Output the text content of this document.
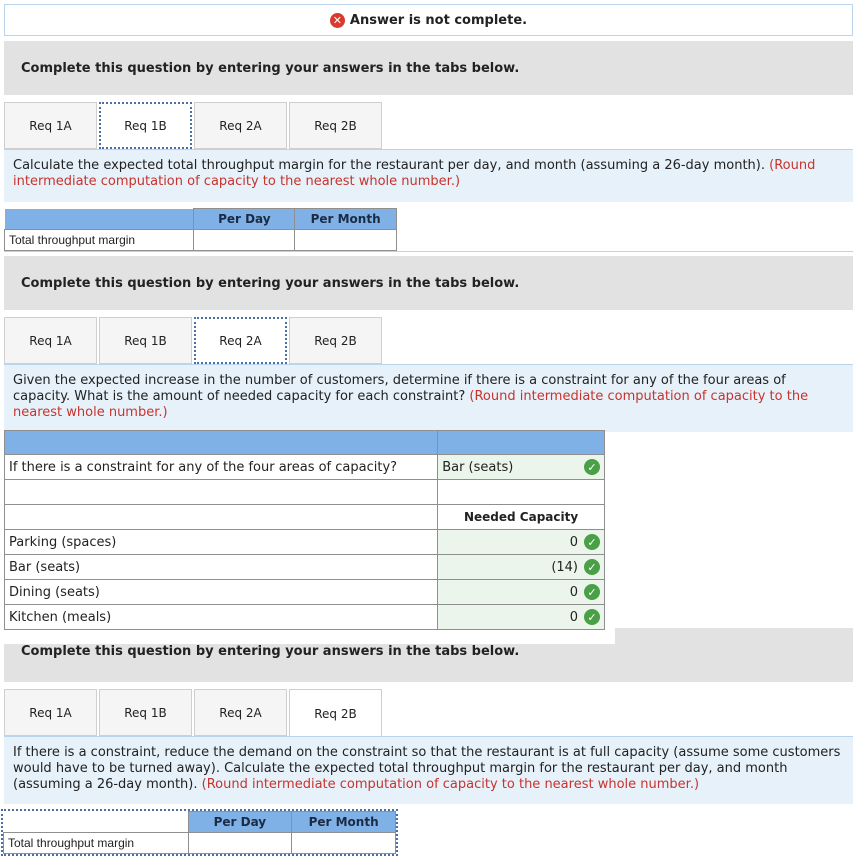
✕ Answer is not complete.
Complete this question by entering your answers in the tabs below.
Req 1A	Req 1B	Req 2A	Req 2B
Calculate the expected total throughput margin for the restaurant per day, and month (assuming a 26-day month). (Round intermediate computation of capacity to the nearest whole number.)
	Per Day	Per Month
Total throughput margin		
Complete this question by entering your answers in the tabs below.
Req 1A	Req 1B	Req 2A	Req 2B
Given the expected increase in the number of customers, determine if there is a constraint for any of the four areas of capacity. What is the amount of needed capacity for each constraint? (Round intermediate computation of capacity to the nearest whole number.)

If there is a constraint for any of the four areas of capacity?	Bar (seats) ✓

	Needed Capacity
Parking (spaces)	0 ✓

Bar (seats)	(14) ✓

Dining (seats)	0 ✓

Kitchen (meals)	0 ✓
Complete this question by entering your answers in the tabs below.
Req 1A	Req 1B	Req 2A	Req 2B
If there is a constraint, reduce the demand on the constraint so that the restaurant is at full capacity (assume some customers would have to be turned away). Calculate the expected total throughput margin for the restaurant per day, and month (assuming a 26-day month). (Round intermediate computation of capacity to the nearest whole number.)
	Per Day	Per Month
Total throughput margin		
